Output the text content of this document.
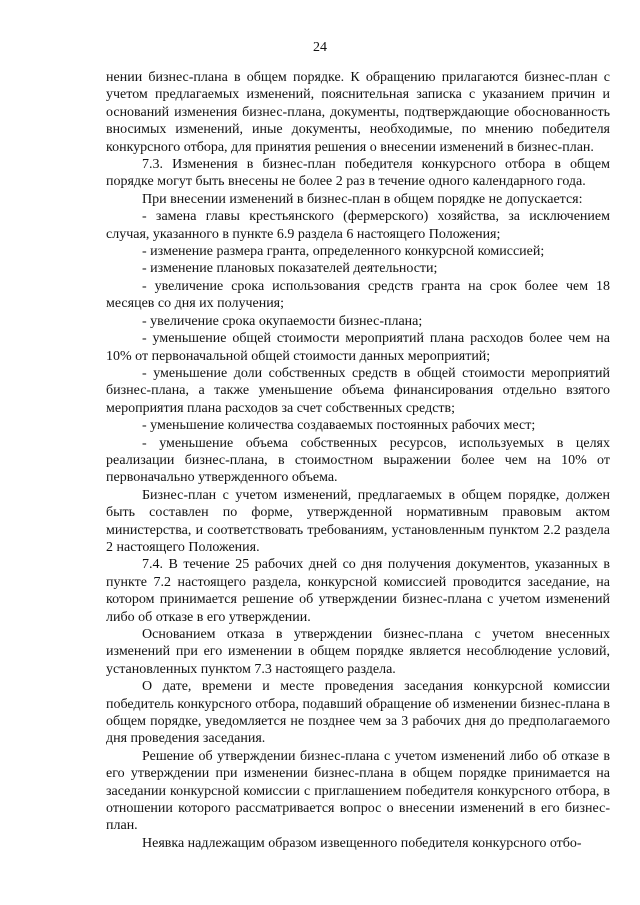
24

нении бизнес-плана в общем порядке. К обращению прилагаются бизнес-план с учетом предлагаемых изменений, пояснительная записка с указанием причин и оснований изменения бизнес-плана, документы, подтверждающие обоснованность вносимых изменений, иные документы, необходимые, по мнению победителя конкурсного отбора, для принятия решения о внесении изменений в бизнес-план.

7.3. Изменения в бизнес-план победителя конкурсного отбора в общем порядке могут быть внесены не более 2 раз в течение одного календарного года.

При внесении изменений в бизнес-план в общем порядке не допускается:

- замена главы крестьянского (фермерского) хозяйства, за исключением случая, указанного в пункте 6.9 раздела 6 настоящего Положения;

- изменение размера гранта, определенного конкурсной комиссией;

- изменение плановых показателей деятельности;

- увеличение срока использования средств гранта на срок более чем 18 месяцев со дня их получения;

- увеличение срока окупаемости бизнес-плана;

- уменьшение общей стоимости мероприятий плана расходов более чем на 10% от первоначальной общей стоимости данных мероприятий;

- уменьшение доли собственных средств в общей стоимости мероприятий бизнес-плана, а также уменьшение объема финансирования отдельно взятого мероприятия плана расходов за счет собственных средств;

- уменьшение количества создаваемых постоянных рабочих мест;

- уменьшение объема собственных ресурсов, используемых в целях реализации бизнес-плана, в стоимостном выражении более чем на 10% от первоначально утвержденного объема.

Бизнес-план с учетом изменений, предлагаемых в общем порядке, должен быть составлен по форме, утвержденной нормативным правовым актом министерства, и соответствовать требованиям, установленным пунктом 2.2 раздела 2 настоящего Положения.

7.4. В течение 25 рабочих дней со дня получения документов, указанных в пункте 7.2 настоящего раздела, конкурсной комиссией проводится заседание, на котором принимается решение об утверждении бизнес-плана с учетом изменений либо об отказе в его утверждении.

Основанием отказа в утверждении бизнес-плана с учетом внесенных изменений при его изменении в общем порядке является несоблюдение условий, установленных пунктом 7.3 настоящего раздела.

О дате, времени и месте проведения заседания конкурсной комиссии победитель конкурсного отбора, подавший обращение об изменении бизнес-плана в общем порядке, уведомляется не позднее чем за 3 рабочих дня до предполагаемого дня проведения заседания.

Решение об утверждении бизнес-плана с учетом изменений либо об отказе в его утверждении при изменении бизнес-плана в общем порядке принимается на заседании конкурсной комиссии с приглашением победителя конкурсного отбора, в отношении которого рассматривается вопрос о внесении изменений в его бизнес-план.

Неявка надлежащим образом извещенного победителя конкурсного отбо-
